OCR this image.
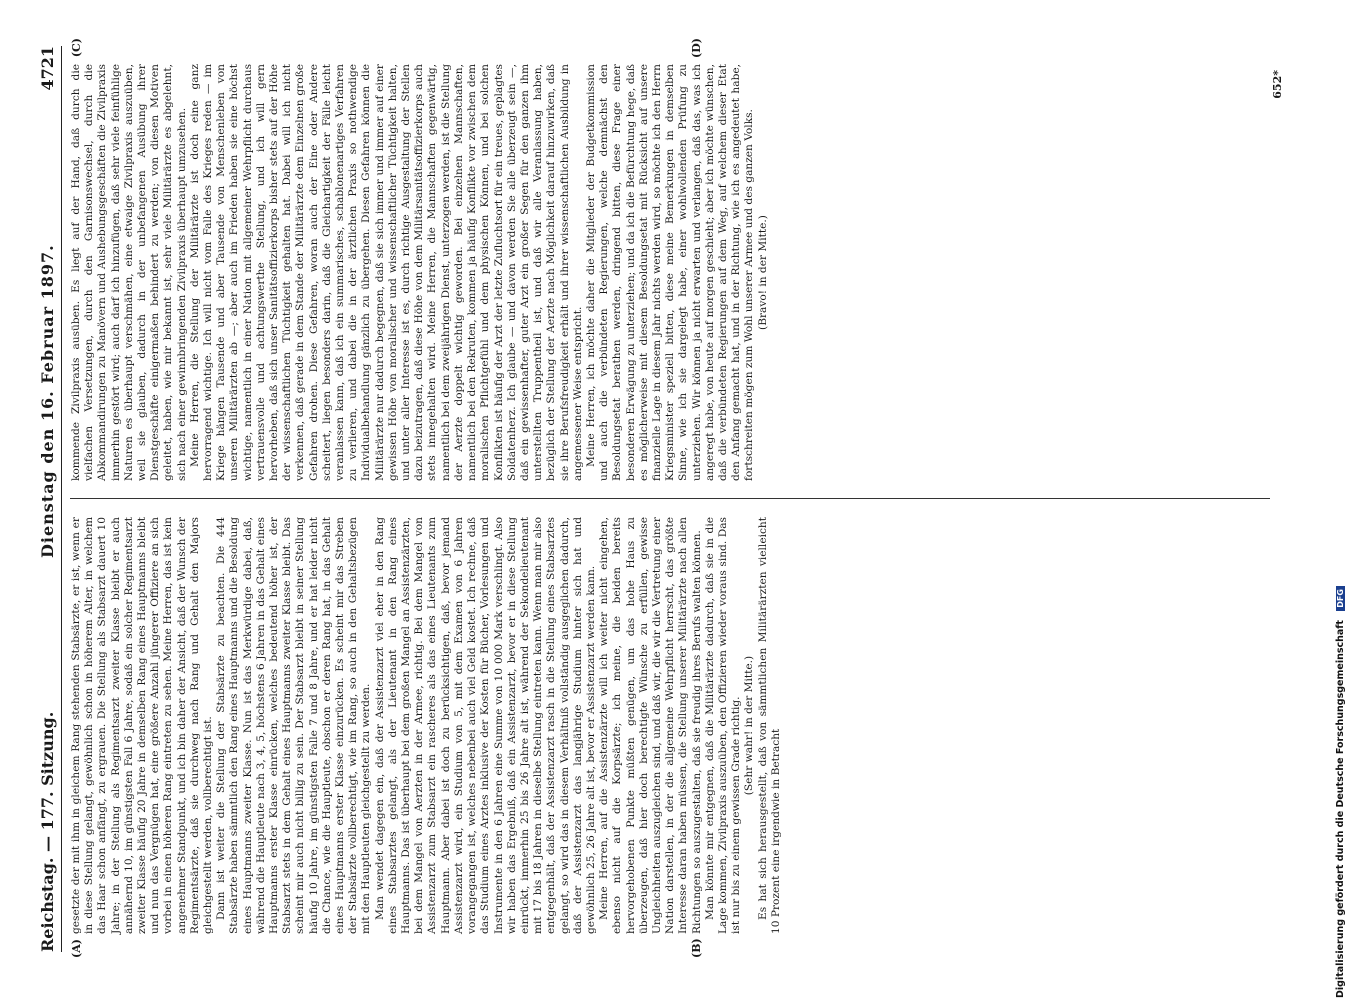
Reichstag. — 177. Sitzung.
Dienstag den 16. Februar 1897.
4721
(A)	(B)
(C)	(D)

gesetzte der mit ihm in gleichem Rang stehenden Stabsärzte, er ist, wenn er in diese Stellung gelangt, gewöhnlich schon in höherem Alter, in welchem das Haar schon anfängt, zu ergrauen. Die Stellung als Stabsarzt dauert 10 Jahre; in der Stellung als Regimentsarzt zweiter Klasse bleibt er auch annähernd 10, im günstigsten Fall 6 Jahre, sodaß ein solcher Regimentsarzt zweiter Klasse häufig 20 Jahre in demselben Rang eines Hauptmanns bleibt und nun das Vergnügen hat, eine größere Anzahl jüngerer Offiziere an sich vorbei in einen höheren Rang eintreten zu sehen. Meine Herren, das ist kein angenehmer Standpunkt, und ich bin daher der Ansicht, daß der Wunsch der Regimentsärzte, daß sie durchweg nach Rang und Gehalt den Majors gleichgestellt werden, vollberechtigt ist. Dann ist weiter die Stellung der Stabsärzte zu beachten. Die 444 Stabsärzte haben sämmtlich den Rang eines Hauptmanns und die Besoldung eines Hauptmanns zweiter Klasse. Nun ist das Merkwürdige dabei, daß, während die Hauptleute nach 3, 4, 5, höchstens 6 Jahren in das Gehalt eines Hauptmanns erster Klasse einrücken, welches bedeutend höher ist, der Stabsarzt stets in dem Gehalt eines Hauptmanns zweiter Klasse bleibt. Das scheint mir auch nicht billig zu sein. Der Stabsarzt bleibt in seiner Stellung häufig 10 Jahre, im günstigsten Falle 7 und 8 Jahre, und er hat leider nicht die Chance, wie die Hauptleute, obschon er deren Rang hat, in das Gehalt eines Hauptmanns erster Klasse einzurücken. Es scheint mir das Streben der Stabsärzte vollberechtigt, wie im Rang, so auch in den Gehaltsbezügen mit den Hauptleuten gleichgestellt zu werden. Man wendet dagegen ein, daß der Assistenzarzt viel eher in den Rang eines Stabsarztes gelangt, als der Lieutenant in den Rang eines Hauptmanns. Das ist überhaupt bei dem großen Mangel an Assistenzärzten, bei dem Mangel von Aerzten in der Armee, richtig. Bei dem Mangel von Assistenzarzt zum Stabsarzt ein rascheres als das eines Lieutenants zum Hauptmann. Aber dabei ist doch zu berücksichtigen, daß, bevor jemand Assistenzarzt wird, ein Studium von 5, mit dem Examen von 6 Jahren vorangegangen ist, welches nebenbei auch viel Geld kostet. Ich rechne, daß das Studium eines Arztes inklusive der Kosten für Bücher, Vorlesungen und Instrumente in den 6 Jahren eine Summe von 10 000 Mark verschlingt. Also wir haben das Ergebniß, daß ein Assistenzarzt, bevor er in diese Stellung einrückt, immerhin 25 bis 26 Jahre alt ist, während der Sekondelieutenant mit 17 bis 18 Jahren in dieselbe Stellung eintreten kann. Wenn man mir also entgegenhält, daß der Assistenzarzt rasch in die Stellung eines Stabsarztes gelangt, so wird das in diesem Verhältniß vollständig ausgeglichen dadurch, daß der Assistenzarzt das langjährige Studium hinter sich hat und gewöhnlich 25, 26 Jahre alt ist, bevor er Assistenzarzt werden kann. Meine Herren, auf die Assistenzärzte will ich weiter nicht eingehen, ebenso nicht auf die Korpsärzte; ich meine, die beiden bereits hervorgehobenen Punkte müßten genügen, um das hohe Haus zu überzeugen, daß hier doch berechtigte Wünsche zu erfüllen, gewisse Ungleichheiten auszugleichen sind, und daß wir, die wir die Vertretung einer Nation darstellen, in der die allgemeine Wehrpflicht herrscht, das größte Interesse daran haben müssen, die Stellung unserer Militärärzte nach allen Richtungen so auszugestalten, daß sie freudig ihres Berufs walten können. Man könnte mir entgegnen, daß die Militärärzte dadurch, daß sie in die Lage kommen, Zivilpraxis auszuüben, den Offizieren wieder voraus sind. Das ist nur bis zu einem gewissen Grade richtig. (Sehr wahr! in der Mitte.) Es hat sich herausgestellt, daß von sämmtlichen Militärärzten vielleicht 10 Prozent eine irgendwie in Betracht

kommende Zivilpraxis ausüben. Es liegt auf der Hand, daß durch die vielfachen Versetzungen, durch den Garnisonswechsel, durch die Abkommandirungen zu Manövern und Aushebungsgeschäften die Zivilpraxis immerhin gestört wird; auch darf ich hinzufügen, daß sehr viele feinfühlige Naturen es überhaupt verschmähen, eine etwaige Zivilpraxis auszuüben, weil sie glauben, dadurch in der unbefangenen Ausübung ihrer Dienstgeschäfte einigermaßen behindert zu werden; von diesen Motiven geleitet, haben, wie mir bekannt ist, sehr viele Militärärzte es abgelehnt, sich nach einer gewinnbringenden Zivilpraxis überhaupt umzusehen. Meine Herren, die Stellung der Militärärzte ist doch eine ganz hervorragend wichtige. Ich will nicht vom Falle des Krieges reden — im Kriege hängen Tausende und aber Tausende von Menschenleben von unseren Militärärzten ab —; aber auch im Frieden haben sie eine höchst wichtige, namentlich in einer Nation mit allgemeiner Wehrpflicht durchaus vertrauensvolle und achtungswerthe Stellung, und ich will gern hervorheben, daß sich unser Sanitätsoffizierkorps bisher stets auf der Höhe der wissenschaftlichen Tüchtigkeit gehalten hat. Dabei will ich nicht verkennen, daß gerade in dem Stande der Militärärzte dem Einzelnen große Gefahren drohen. Diese Gefahren, woran auch der Eine oder Andere scheitert, liegen besonders darin, daß die Gleichartigkeit der Fälle leicht veranlassen kann, daß ich ein summarisches, schablonenartiges Verfahren zu verlieren, und dabei die in der ärztlichen Praxis so nothwendige Individualbehandlung gänzlich zu übergehen. Diesen Gefahren können die Militärärzte nur dadurch begegnen, daß sie sich immer und immer auf einer gewissen Höhe von moralischer und wissenschaftlicher Tüchtigkeit halten, und unter aller Interesse ist es, durch richtige Ausgestaltung der Stellen dazu beizutragen, daß diese Höhe von dem Militärsanitätsoffizierkorps auch stets innegehalten wird. Meine Herren, die Mannschaften gegenwärtig, namentlich bei dem zweijährigen Dienst, unterzogen werden, ist die Stellung der Aerzte doppelt wichtig geworden. Bei einzelnen Mannschaften, namentlich bei den Rekruten, kommen ja häufig Konflikte vor zwischen dem moralischen Pflichtgefühl und dem physischen Können, und bei solchen Konflikten ist häufig der Arzt der letzte Zufluchtsort für ein treues, geplagtes Soldatenherz. Ich glaube — und davon werden Sie alle überzeugt sein —, daß ein gewissenhafter, guter Arzt ein großer Segen für den ganzen ihm unterstellten Truppentheil ist, und daß wir alle Veranlassung haben, bezüglich der Stellung der Aerzte nach Möglichkeit darauf hinzuwirken, daß sie ihre Berufsfreudigkeit erhält und ihrer wissenschaftlichen Ausbildung in angemessener Weise entspricht. Meine Herren, ich möchte daher die Mitglieder der Budgetkommission und auch die verbündeten Regierungen, welche demnächst den Besoldungsetat berathen werden, dringend bitten, diese Frage einer besonderen Erwägung zu unterziehen; und da ich die Befürchtung hege, daß es möglicherweise mit diesem Besoldungsetat mit Rücksicht auf unsere finanzielle Lage in diesem Jahr nichts werden wird, so möchte ich den Herrn Kriegsminister speziell bitten, diese meine Bemerkungen in demselben Sinne, wie ich sie dargelegt habe, einer wohlwollenden Prüfung zu unterziehen. Wir können ja nicht erwarten und verlangen, daß das, was ich angeregt habe, von heute auf morgen geschieht; aber ich möchte wünschen, daß die verbündeten Regierungen auf dem Weg, auf welchem dieser Etat den Anfang gemacht hat, und in der Richtung, wie ich es angedeutet habe, fortschreiten mögen zum Wohl unserer Armee und des ganzen Volks. (Bravo! in der Mitte.)

652*
Digitalisierung gefördert durch die Deutsche Forschungsgemeinschaft DFG
